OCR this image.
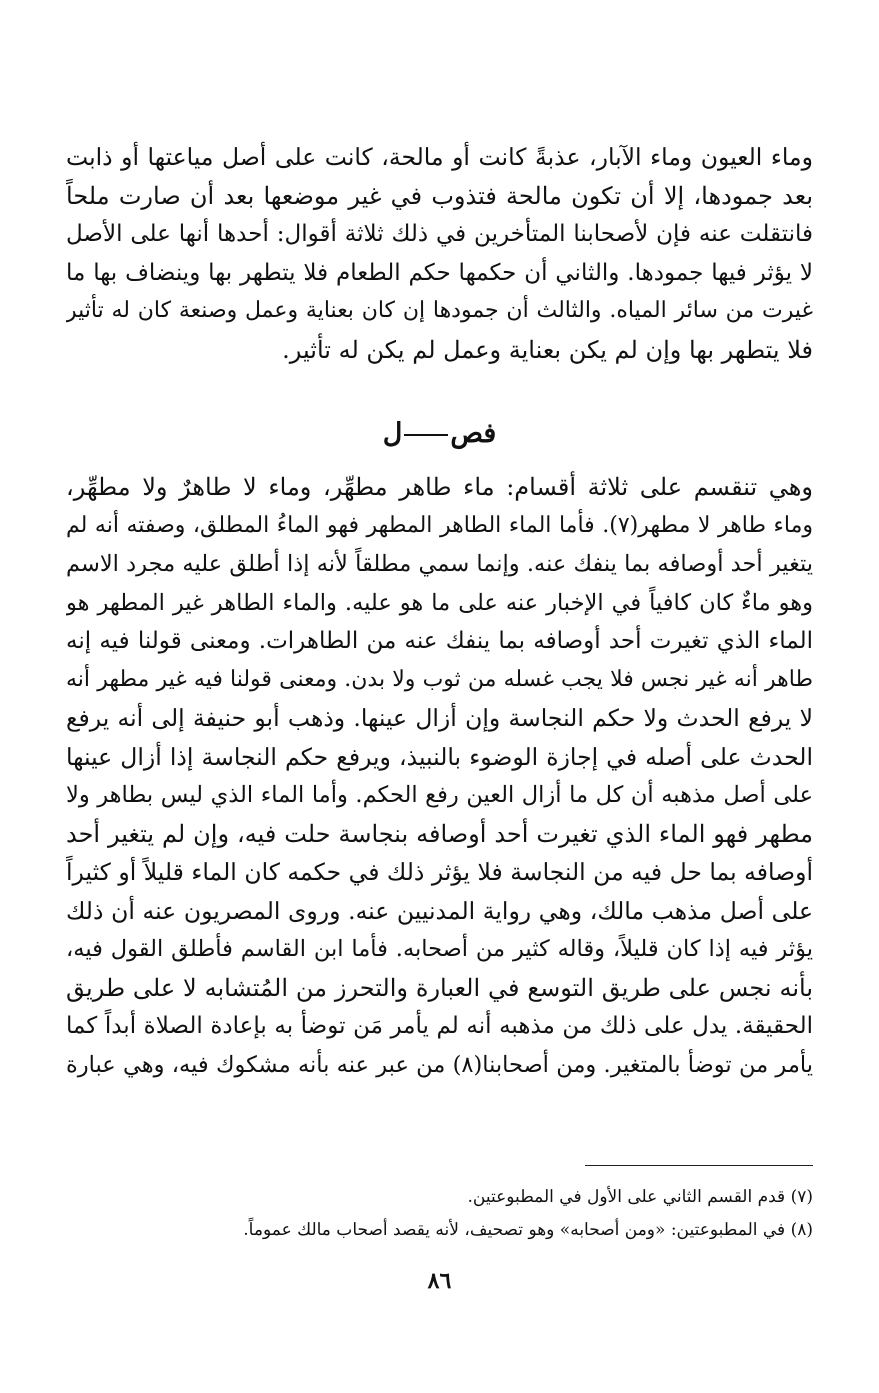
وماء العيون وماء الآبار، عذبةً كانت أو مالحة، كانت على أصل مياعتها أو ذابت
بعد جمودها، إلا أن تكون مالحة فتذوب في غير موضعها بعد أن صارت ملحاً
فانتقلت عنه فإن لأصحابنا المتأخرين في ذلك ثلاثة أقوال: أحدها أنها على الأصل
لا يؤثر فيها جمودها. والثاني أن حكمها حكم الطعام فلا يتطهر بها وينضاف بها ما
غيرت من سائر المياه. والثالث أن جمودها إن كان بعناية وعمل وصنعة كان له تأثير
فلا يتطهر بها وإن لم يكن بعناية وعمل لم يكن له تأثير.
فصل
وهي تنقسم على ثلاثة أقسام: ماء طاهر مطهِّر، وماء لا طاهرٌ ولا مطهِّر،
وماء طاهر لا مطهر(٧). فأما الماء الطاهر المطهر فهو الماءُ المطلق، وصفته أنه لم
يتغير أحد أوصافه بما ينفك عنه. وإنما سمي مطلقاً لأنه إذا أطلق عليه مجرد الاسم
وهو ماءٌ كان كافياً في الإخبار عنه على ما هو عليه. والماء الطاهر غير المطهر هو
الماء الذي تغيرت أحد أوصافه بما ينفك عنه من الطاهرات. ومعنى قولنا فيه إنه
طاهر أنه غير نجس فلا يجب غسله من ثوب ولا بدن. ومعنى قولنا فيه غير مطهر أنه
لا يرفع الحدث ولا حكم النجاسة وإن أزال عينها. وذهب أبو حنيفة إلى أنه يرفع
الحدث على أصله في إجازة الوضوء بالنبيذ، ويرفع حكم النجاسة إذا أزال عينها
على أصل مذهبه أن كل ما أزال العين رفع الحكم. وأما الماء الذي ليس بطاهر ولا
مطهر فهو الماء الذي تغيرت أحد أوصافه بنجاسة حلت فيه، وإن لم يتغير أحد
أوصافه بما حل فيه من النجاسة فلا يؤثر ذلك في حكمه كان الماء قليلاً أو كثيراً
على أصل مذهب مالك، وهي رواية المدنيين عنه. وروى المصريون عنه أن ذلك
يؤثر فيه إذا كان قليلاً، وقاله كثير من أصحابه. فأما ابن القاسم فأطلق القول فيه،
بأنه نجس على طريق التوسع في العبارة والتحرز من المُتشابه لا على طريق
الحقيقة. يدل على ذلك من مذهبه أنه لم يأمر مَن توضأ به بإعادة الصلاة أبداً كما
يأمر من توضأ بالمتغير. ومن أصحابنا(٨) من عبر عنه بأنه مشكوك فيه، وهي عبارة
(٧) قدم القسم الثاني على الأول في المطبوعتين.
(٨) في المطبوعتين: «ومن أصحابه» وهو تصحيف، لأنه يقصد أصحاب مالك عموماً.
٨٦
